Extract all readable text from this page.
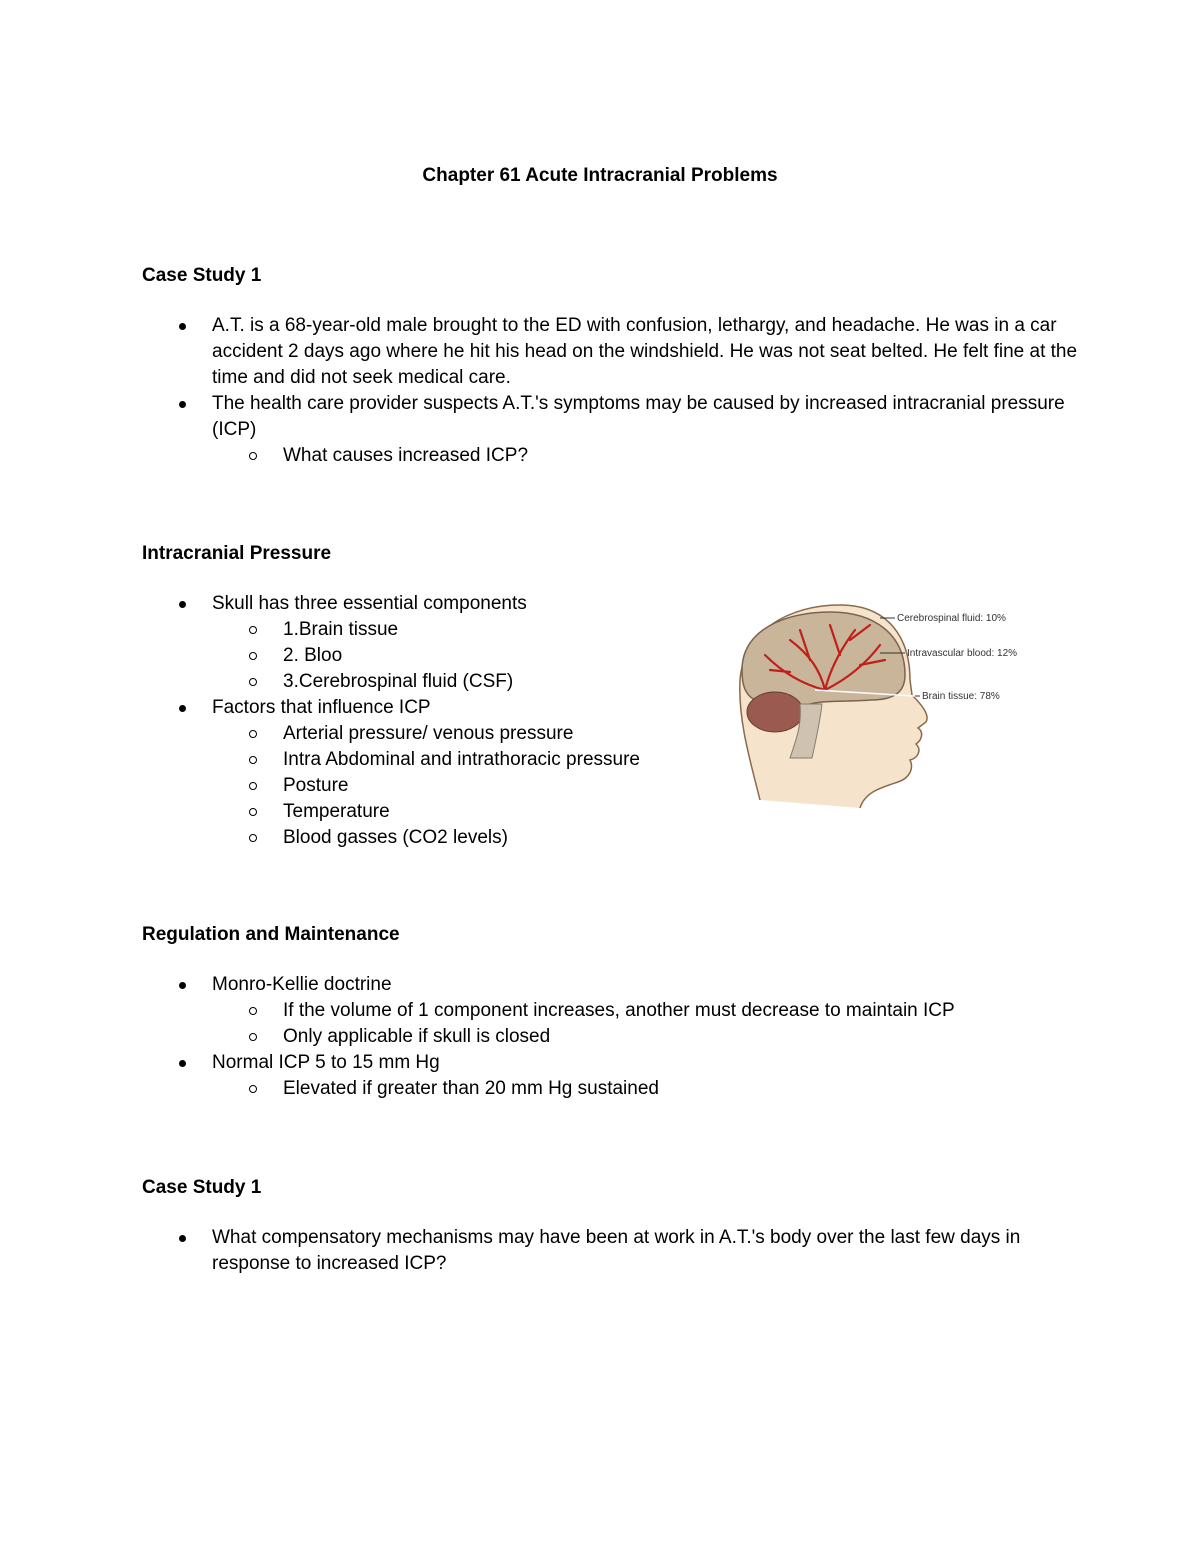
Chapter 61 Acute Intracranial Problems
Case Study 1
A.T. is a 68-year-old male brought to the ED with confusion, lethargy, and headache. He was in a car accident 2 days ago where he hit his head on the windshield. He was not seat belted. He felt fine at the time and did not seek medical care.
The health care provider suspects A.T.'s symptoms may be caused by increased intracranial pressure (ICP)
What causes increased ICP?
Intracranial Pressure
Skull has three essential components
1.Brain tissue
2. Bloo
3.Cerebrospinal fluid (CSF)
Factors that influence ICP
Arterial pressure/ venous pressure
Intra Abdominal and intrathoracic pressure
Posture
Temperature
Blood gasses (CO2 levels)
Cerebrospinal fluid: 10%
Intravascular blood: 12%
Brain tissue: 78%
Regulation and Maintenance
Monro-Kellie doctrine
If the volume of 1 component increases, another must decrease to maintain ICP
Only applicable if skull is closed
Normal ICP 5 to 15 mm Hg
Elevated if greater than 20 mm Hg sustained
Case Study 1
What compensatory mechanisms may have been at work in A.T.'s body over the last few days in response to increased ICP?
